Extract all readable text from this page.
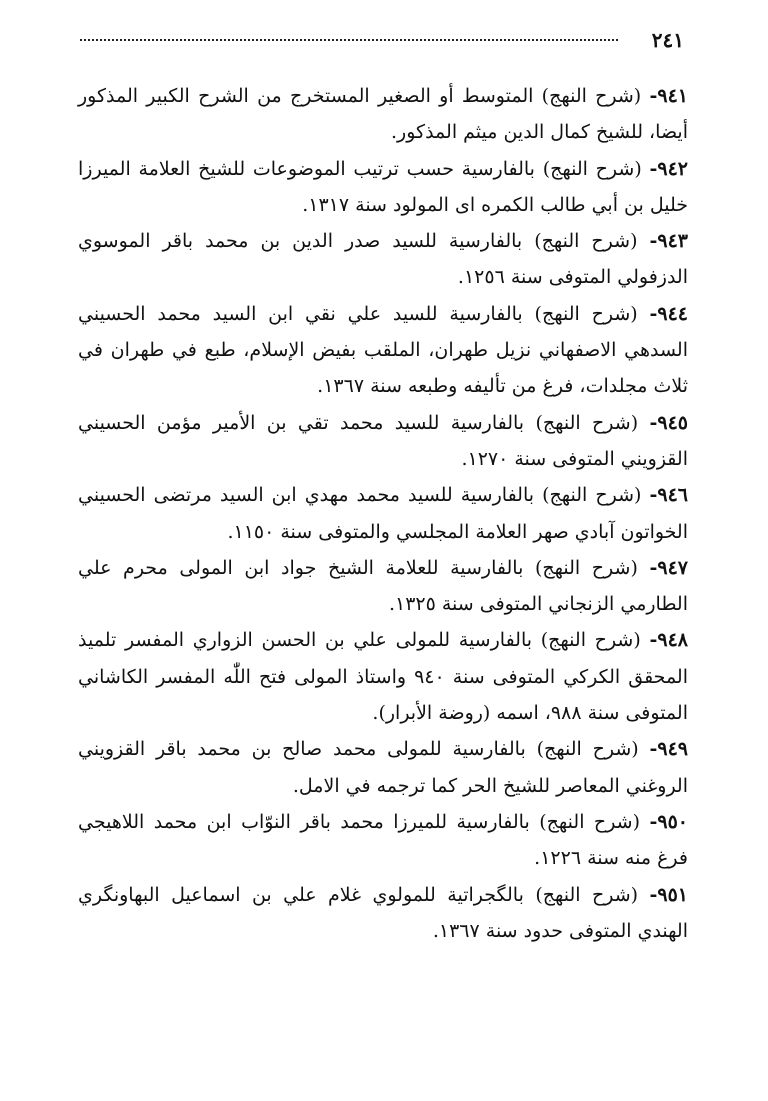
٢٤١

٩٤١- (شرح النهج) المتوسط أو الصغير المستخرج من الشرح الكبير المذكور أيضا، للشيخ كمال الدين ميثم المذكور.

٩٤٢- (شرح النهج) بالفارسية حسب ترتيب الموضوعات للشيخ العلامة الميرزا خليل بن أبي طالب الكمره اى المولود سنة ١٣١٧.

٩٤٣- (شرح النهج) بالفارسية للسيد صدر الدين بن محمد باقر الموسوي الدزفولي المتوفى سنة ١٢٥٦.

٩٤٤- (شرح النهج) بالفارسية للسيد علي نقي ابن السيد محمد الحسيني السدهي الاصفهاني نزيل طهران، الملقب بفيض الإسلام، طبع في طهران في ثلاث مجلدات، فرغ من تأليفه وطبعه سنة ١٣٦٧.

٩٤٥- (شرح النهج) بالفارسية للسيد محمد تقي بن الأمير مؤمن الحسيني القزويني المتوفى سنة ١٢٧٠.

٩٤٦- (شرح النهج) بالفارسية للسيد محمد مهدي ابن السيد مرتضى الحسيني الخواتون آبادي صهر العلامة المجلسي والمتوفى سنة ١١٥٠.

٩٤٧- (شرح النهج) بالفارسية للعلامة الشيخ جواد ابن المولى محرم علي الطارمي الزنجاني المتوفى سنة ١٣٢٥.

٩٤٨- (شرح النهج) بالفارسية للمولى علي بن الحسن الزواري المفسر تلميذ المحقق الكركي المتوفى سنة ٩٤٠ واستاذ المولى فتح اللّٰه المفسر الكاشاني المتوفى سنة ٩٨٨، اسمه (روضة الأبرار).

٩٤٩- (شرح النهج) بالفارسية للمولى محمد صالح بن محمد باقر القزويني الروغني المعاصر للشيخ الحر كما ترجمه في الامل.

٩٥٠- (شرح النهج) بالفارسية للميرزا محمد باقر النوّاب ابن محمد اللاهيجي فرغ منه سنة ١٢٢٦.

٩٥١- (شرح النهج) بالگجراتية للمولوي غلام علي بن اسماعيل البهاونگري الهندي المتوفى حدود سنة ١٣٦٧.
